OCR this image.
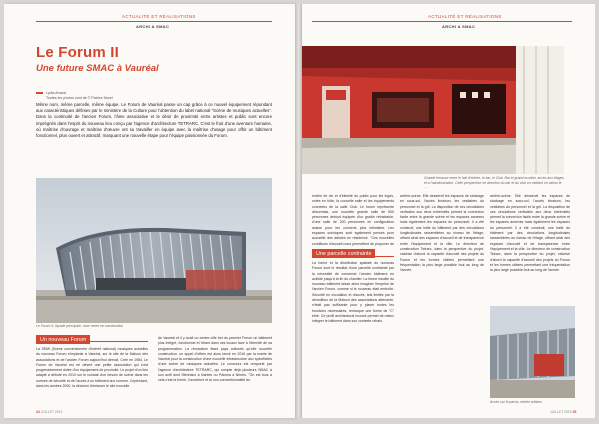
ACTUALITÉ ET RÉALISATIONS
ARCHI & SMAC
Le Forum II
Une future SMAC à Vauréal
Lydia Amara
Toutes les photos sont de © Patrice Morel
Même nom, même parcelle, même équipe. Le Forum de Vauréal passe un cap grâce à ce nouvel équipement répondant aux caractéristiques définies par le ministère de la Culture pour l'obtention du label national "Scène de musiques actuelles". Dans la continuité de l'ancien Forum, l'âme associative et le désir de proximité entre artistes et public sont encore imprégnés dans l'esprit du nouveau lieu conçu par l'agence d'architecture TETRARC. C'est le fruit d'une aventure humaine, où maîtrise d'ouvrage et maîtrise d'œuvre ont su travailler en équipe avec la maîtrise d'usage pour offrir un bâtiment fonctionnel, plus ouvert et attractif, marquant une nouvelle étape pour l'équipe passionnée du Forum.
Le Forum II, façade principale, mise vente en construction
Un nouveau Forum
La SEMI (Scène conventionnée d'intérêt national) musiques actuelles du nouveau Forum s'implante à Vauréal, sur le site de la Maison des associations et de l'ancien Forum aujourd'hui démoli. Créé en 1984, Le Forum de Vauréal est né désert une petite association qui s'est progressivement dotée d'un équipement de proximité. Le projet d'un lieu adapté a débuté en 2010 sur le constat d'un besoin de scène dans les normes de sécurité et de l'accès à un bâtiment aux normes. Cependant, dans les années 2000, la décision d'entamer le site nouvelle
de Vauréal et il y avait un centre-ville fort du premier Forum un bâtiment plus intégré, fonctionnel et l'étant dans ses locaux face à l'éternité de sa programmation. La rénovation étant pays culturels qu'elle nouvelle construction, un appel d'offres est alors lancé en 2016 par la mairie de Vauréal pour la construction d'une nouvelle infrastructure aux spécificités d'une scène de musiques actuelles. Le concours est remporté par l'agence d'architecture TETRARC, qui compte déjà plusieurs SMAC à son actif dont Stéréolux à Nantes ou Paloma à Nîmes. "On est tous à cela c'est la forme, l'ouverture et la non-conventionnalité du
34 JUILLET 2019
ACTUALITÉ ET RÉALISATIONS
ARCHI & SMAC
Grande terrasse entre le hall d'entrée, le bar, le Club. Bar et grand escalier, accès aux étages et à l'administration. Cette perspective en direction du bar et du club en mettant en valeur le ...
entrée de vie et d'intimité du public pour les loges, notes en fuite, la nouvelle salle et les équipements connexes de la salle Club. Le forum représente désormais, une nouvelle grande salle de 600 personnes debout équipée d'un gradin rétractable, d'une salle de 200 personnes en configuration assise pour les concerts plus intimistes. Les espaces scéniques sont également pensés pour accueillir des artistes en résidence. "Ces nouvelles conditions d'accueil nous permettent de proposer de
Une parcelle contrainte
La forme et la distribution spatiale du nouveau Forum sont le résultat d'une parcelle contrainte par la nécessité de conserver l'ancien bâtiment en activité jusqu'à la fin du chantier. La forme insolite du nouveau bâtiment laisse alors imaginer l'emprise de l'ancien Forum, comme si le nouveau était emboîté. Sécurité en circulation et d'accès, tels limités par la démolition de la Maison des associations attenante, n'était pas suffisante pour y placer toutes les fonctions nécessaires, remarque une forme de "C" étiré. Ce profil architectural incurvé permet de mieux intégrer le bâtiment dans son contexte urbain.
arrière-scène. Elle desservit les espaces de stockage en sous-sol, l'accès livraison, les vestiaires du personnel et la gril. La disposition de ces circulations verticales aux deux extrémités permet la connexion facile entre la grande scène et les espaces annexes mais également les espaces du personnel. Il a été construit, une halle du bâtiment par des circulations longitudinales rassemblées au niveau de l'étage, offrant ainsi des espaces d'accueil et de transparence entre l'équipement et la ville. Le directeur de construction Tetrarc, dans la perspective du projet, valorise d'abord la capacité d'accueil des projets du Forum et les formes ciblées permettant une fréquentation la plus large possible tout au long de l'année.
arrière-scène. Elle desservit les espaces de stockage en sous-sol, l'accès livraison, les vestiaires du personnel et la gril. La disposition de ces circulations verticales aux deux extrémités permet la connexion facile entre la grande scène et les espaces annexes mais également les espaces du personnel. Il a été construit, une halle du bâtiment par des circulations longitudinales rassemblées au niveau de l'étage, offrant ainsi des espaces d'accueil et de transparence entre l'équipement et la ville. Le directeur de construction Tetrarc, dans la perspective du projet, valorise d'abord la capacité d'accueil des projets du Forum et les formes ciblées permettant une fréquentation la plus large possible tout au long de l'année.
Accès sur le parvis, entrée artistes
JUILLET 2019 35
